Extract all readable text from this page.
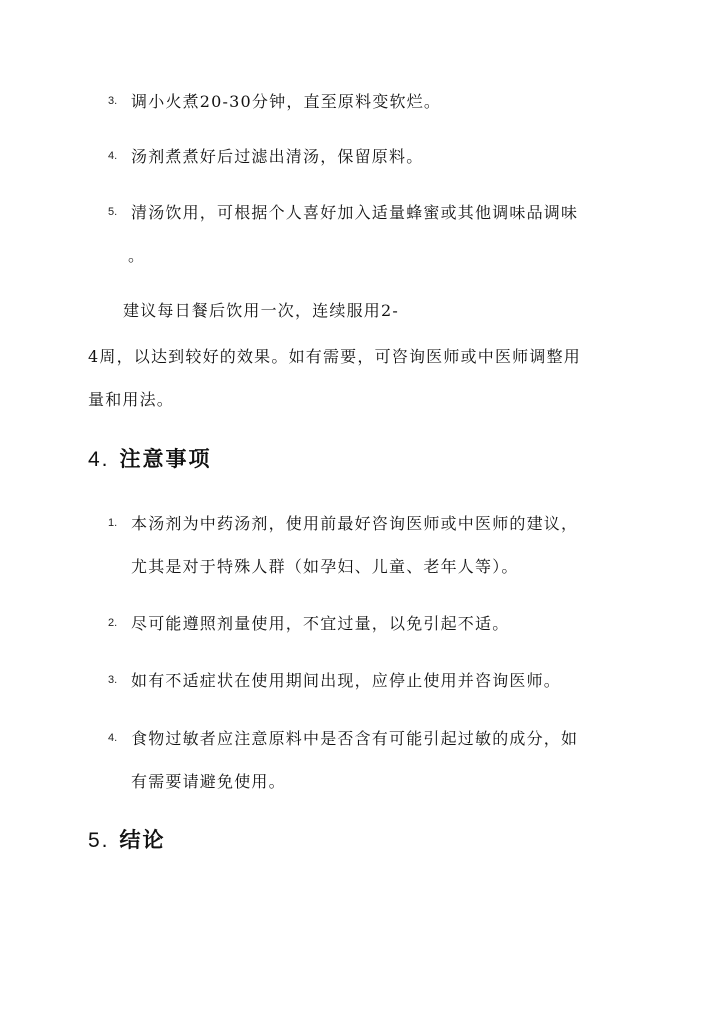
3. 调小火煮20-30分钟，直至原料变软烂。
4. 汤剂煮煮好后过滤出清汤，保留原料。
5. 清汤饮用，可根据个人喜好加入适量蜂蜜或其他调味品调味
。
建议每日餐后饮用一次，连续服用2-
4周，以达到较好的效果。如有需要，可咨询医师或中医师调整用
量和用法。
4. 注意事项
1. 本汤剂为中药汤剂，使用前最好咨询医师或中医师的建议，
尤其是对于特殊人群（如孕妇、儿童、老年人等）。
2. 尽可能遵照剂量使用，不宜过量，以免引起不适。
3. 如有不适症状在使用期间出现，应停止使用并咨询医师。
4. 食物过敏者应注意原料中是否含有可能引起过敏的成分，如
有需要请避免使用。
5. 结论
